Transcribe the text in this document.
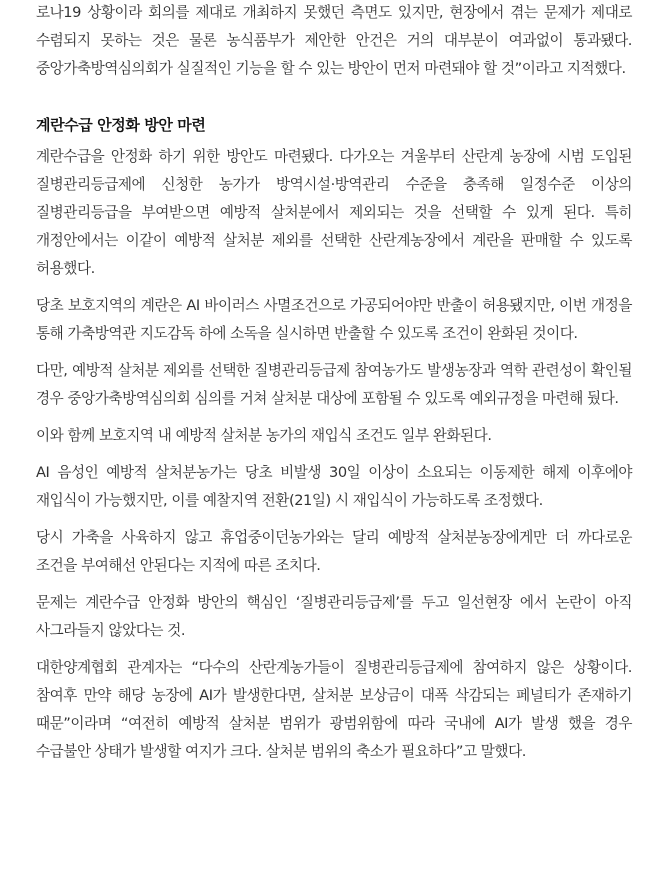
로나19 상황이라 회의를 제대로 개최하지 못했던 측면도 있지만, 현장에서 겪는 문제가 제대로 수렴되지 못하는 것은 물론 농식품부가 제안한 안건은 거의 대부분이 여과없이 통과됐다. 중앙가축방역심의회가 실질적인 기능을 할 수 있는 방안이 먼저 마련돼야 할 것”이라고 지적했다.

계란수급 안정화 방안 마련

계란수급을 안정화 하기 위한 방안도 마련됐다. 다가오는 겨울부터 산란계 농장에 시범 도입된 질병관리등급제에 신청한 농가가 방역시설·방역관리 수준을 충족해 일정수준 이상의 질병관리등급을 부여받으면 예방적 살처분에서 제외되는 것을 선택할 수 있게 된다. 특히 개정안에서는 이같이 예방적 살처분 제외를 선택한 산란계농장에서 계란을 판매할 수 있도록 허용했다.

당초 보호지역의 계란은 AI 바이러스 사멸조건으로 가공되어야만 반출이 허용됐지만, 이번 개정을 통해 가축방역관 지도감독 하에 소독을 실시하면 반출할 수 있도록 조건이 완화된 것이다.

다만, 예방적 살처분 제외를 선택한 질병관리등급제 참여농가도 발생농장과 역학 관련성이 확인될 경우 중앙가축방역심의회 심의를 거쳐 살처분 대상에 포함될 수 있도록 예외규정을 마련해 뒀다.

이와 함께 보호지역 내 예방적 살처분 농가의 재입식 조건도 일부 완화된다.

AI 음성인 예방적 살처분농가는 당초 비발생 30일 이상이 소요되는 이동제한 해제 이후에야 재입식이 가능했지만, 이를 예찰지역 전환(21일) 시 재입식이 가능하도록 조정했다.

당시 가축을 사육하지 않고 휴업중이던농가와는 달리 예방적 살처분농장에게만 더 까다로운 조건을 부여해선 안된다는 지적에 따른 조치다.

문제는 계란수급 안정화 방안의 핵심인 ‘질병관리등급제’를 두고 일선현장 에서 논란이 아직 사그라들지 않았다는 것.

대한양계협회 관계자는 “다수의 산란계농가들이 질병관리등급제에 참여하지 않은 상황이다. 참여후 만약 해당 농장에 AI가 발생한다면, 살처분 보상금이 대폭 삭감되는 페널티가 존재하기 때문”이라며 “여전히 예방적 살처분 범위가 광범위함에 따라 국내에 AI가 발생 했을 경우 수급불안 상태가 발생할 여지가 크다. 살처분 범위의 축소가 필요하다”고 말했다.
